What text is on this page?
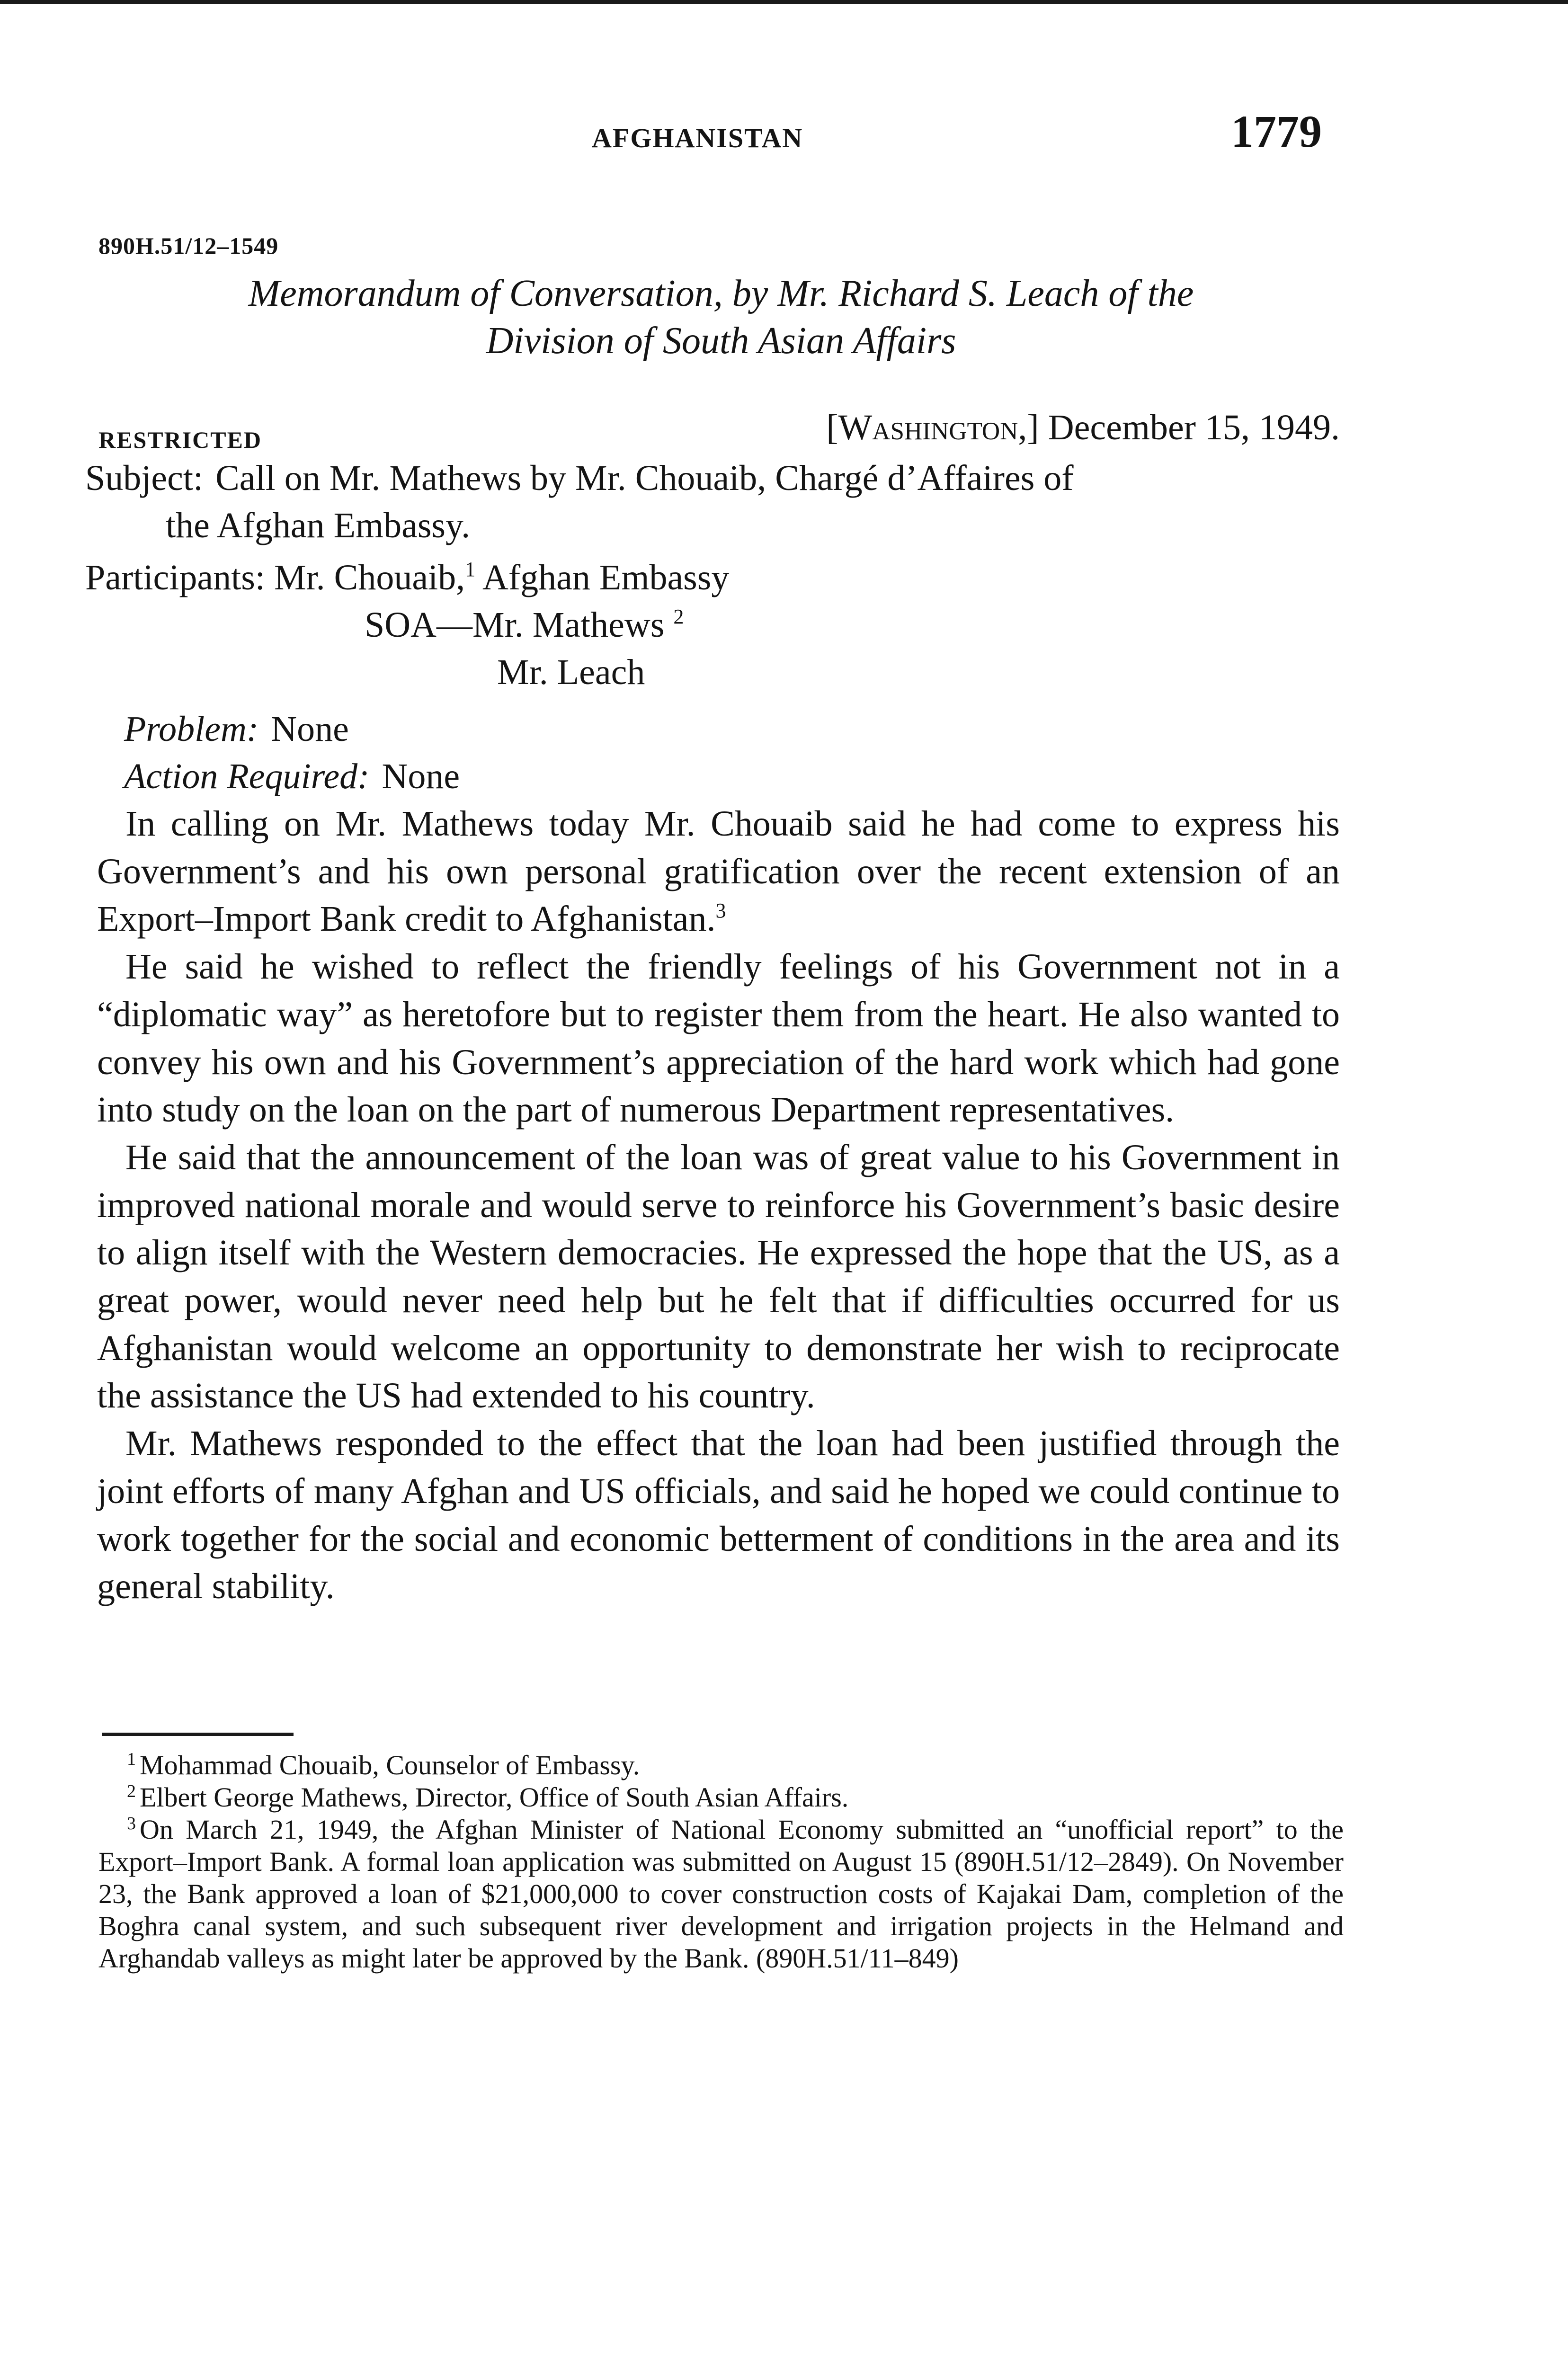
AFGHANISTAN	1779
890H.51/12–1549
Memorandum of Conversation, by Mr. Richard S. Leach of the
Division of South Asian Affairs
RESTRICTED	[Washington,] December 15, 1949.
Subject: Call on Mr. Mathews by Mr. Chouaib, Chargé d’Affaires of
the Afghan Embassy.
Participants: Mr. Chouaib,$^1$ Afghan Embassy
SOA—Mr. Mathews $^2$
Mr. Leach
Problem: None
Action Required: None

In calling on Mr. Mathews today Mr. Chouaib said he had come to express his Government’s and his own personal gratification over the recent extension of an Export–Import Bank credit to Afghanistan.$^3$

He said he wished to reflect the friendly feelings of his Government not in a “diplomatic way” as heretofore but to register them from the heart. He also wanted to convey his own and his Government’s appreciation of the hard work which had gone into study on the loan on the part of numerous Department representatives.

He said that the announcement of the loan was of great value to his Government in improved national morale and would serve to reinforce his Government’s basic desire to align itself with the Western democracies. He expressed the hope that the US, as a great power, would never need help but he felt that if difficulties occurred for us Afghanistan would welcome an opportunity to demonstrate her wish to reciprocate the assistance the US had extended to his country.

Mr. Mathews responded to the effect that the loan had been justified through the joint efforts of many Afghan and US officials, and said he hoped we could continue to work together for the social and economic betterment of conditions in the area and its general stability.

$^1$ Mohammad Chouaib, Counselor of Embassy.

$^2$ Elbert George Mathews, Director, Office of South Asian Affairs.

$^3$ On March 21, 1949, the Afghan Minister of National Economy submitted an “unofficial report” to the Export–Import Bank. A formal loan application was submitted on August 15 (890H.51/12–2849). On November 23, the Bank approved a loan of $21,000,000 to cover construction costs of Kajakai Dam, completion of the Boghra canal system, and such subsequent river development and irrigation projects in the Helmand and Arghandab valleys as might later be approved by the Bank. (890H.51/11–849)
